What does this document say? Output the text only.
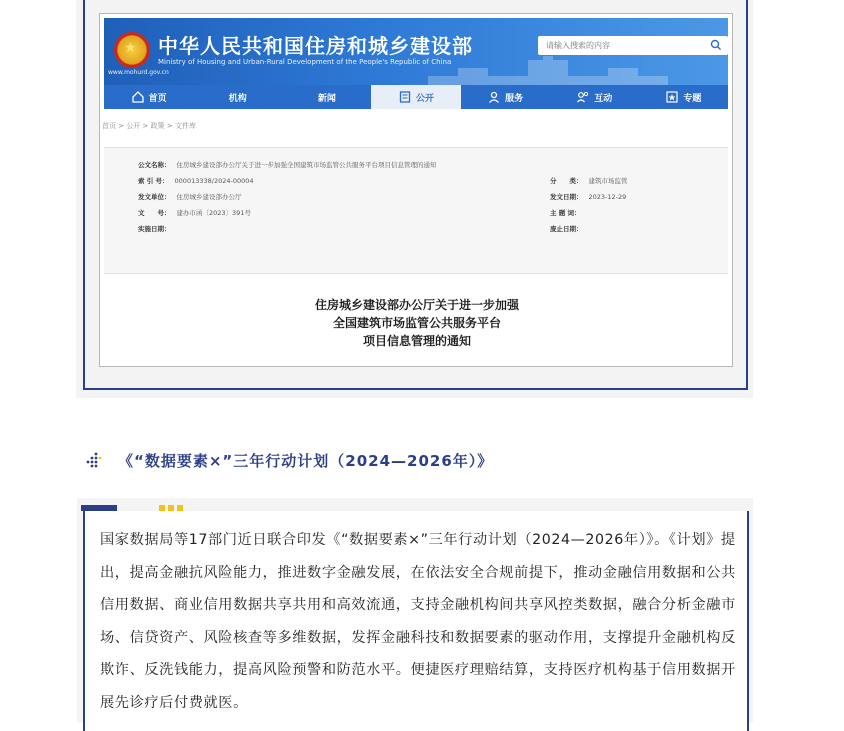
★ 中华人民共和国住房和城乡建设部
Ministry of Housing and Urban-Rural Development of the People's Republic of China
www.mohurd.gov.cn
请输入搜索的内容
首页	机构	新闻	公开	服务	互动	专题
首页 > 公开 > 政策 > 文件库
公文名称： 住房城乡建设部办公厅关于进一步加强全国建筑市场监管公共服务平台项目信息管理的通知
索 引 号： 000013338/2024-00004
发文单位： 住房城乡建设部办公厅
文　　号： 建办市函〔2023〕391号
实施日期：
分　　类： 建筑市场监管
发文日期： 2023-12-29
主 题 词：
废止日期：
住房城乡建设部办公厅关于进一步加强
全国建筑市场监管公共服务平台
项目信息管理的通知
《“数据要素×”三年行动计划（2024—2026年）》
国家数据局等17部门近日联合印发《“数据要素×”三年行动计划（2024—2026年）》。《计划》提出，提高金融抗风险能力，推进数字金融发展，在依法安全合规前提下，推动金融信用数据和公共信用数据、商业信用数据共享共用和高效流通，支持金融机构间共享风控类数据，融合分析金融市场、信贷资产、风险核查等多维数据，发挥金融科技和数据要素的驱动作用，支撑提升金融机构反欺诈、反洗钱能力，提高风险预警和防范水平。便捷医疗理赔结算，支持医疗机构基于信用数据开展先诊疗后付费就医。
